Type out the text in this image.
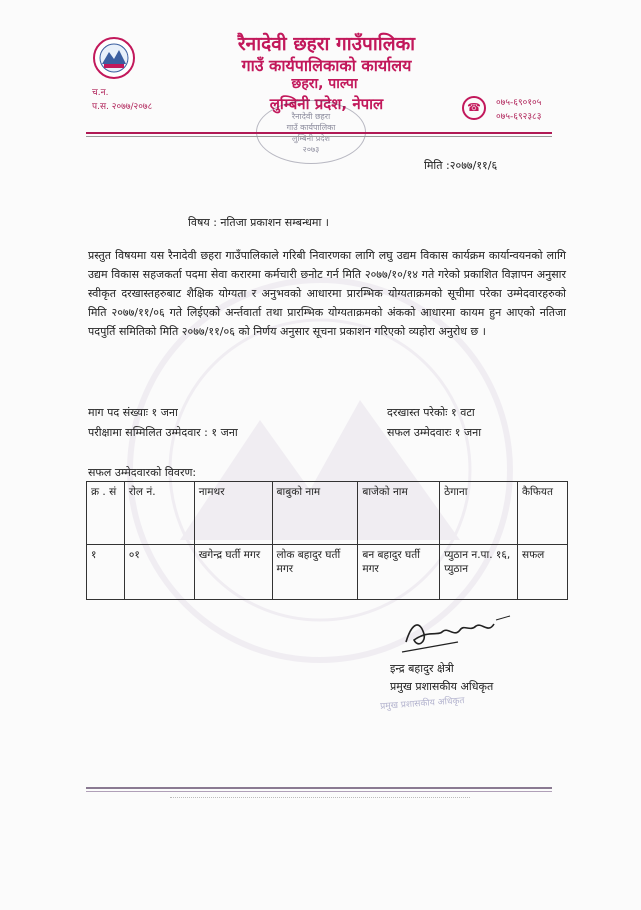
च.न.
प.स. २०७७/२०७८
रैनादेवी छहरा गाउँपालिका
गाउँ कार्यपालिकाको कार्यालय
छहरा, पाल्पा
लुम्बिनी प्रदेश, नेपाल	☎	०७५-६९०१०५
०७५-६९२३८३
रैनादेवी छहरा
गाउँ कार्यपालिका
लुम्बिनी प्रदेश
२०७३
मिति :२०७७/११/६
विषय : नतिजा प्रकाशन सम्बन्धमा ।
प्रस्तुत विषयमा यस रैनादेवी छहरा गाउँपालिकाले गरिबी निवारणका लागि लघु उद्यम विकास कार्यक्रम कार्यान्वयनको लागि उद्यम विकास सहजकर्ता पदमा सेवा करारमा कर्मचारी छनोट गर्न मिति २०७७/१०/१४ गते गरेको प्रकाशित विज्ञापन अनुसार स्वीकृत दरखास्तहरुबाट शैक्षिक योग्यता र अनुभवको आधारमा प्रारम्भिक योग्यताक्रमको सूचीमा परेका उम्मेदवारहरुको मिति २०७७/११/०६ गते लिईएको अर्न्तवार्ता तथा प्रारम्भिक योग्यताक्रमको अंकको आधारमा कायम हुन आएको नतिजा पदपुर्ति समितिको मिति २०७७/११/०६ को निर्णय अनुसार सूचना प्रकाशन गरिएको व्यहोरा अनुरोध छ ।
माग पद संख्याः १ जना
परीक्षामा सम्मिलित उम्मेदवार : १ जना
दरखास्त परेकोः १ वटा
सफल उम्मेदवारः १ जना
सफल उम्मेदवारको विवरण:
क्र . सं	रोल नं.	नामथर	बाबुको नाम	बाजेको नाम	ठेगाना	कैफियत
१	०१	खगेन्द्र घर्ती मगर	लोक बहादुर घर्ती मगर	बन बहादुर घर्ती मगर	प्युठान न.पा. १६, प्युठान	सफल
इन्द्र बहादुर क्षेत्री
प्रमुख प्रशासकीय अधिकृत
प्रमुख प्रशासकीय अधिकृत
